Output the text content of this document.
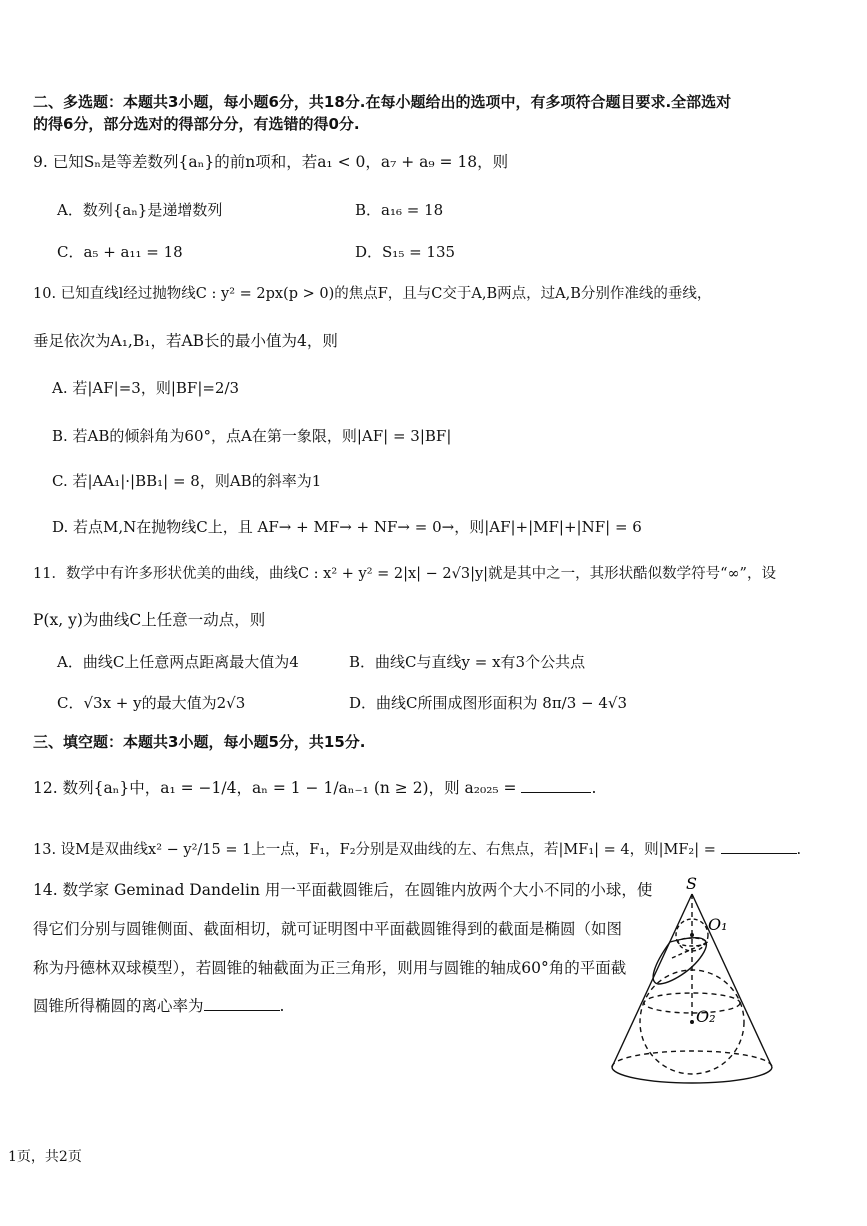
二、多选题：本题共3小题，每小题6分，共18分.在每小题给出的选项中，有多项符合题目要求.全部选对
的得6分，部分选对的得部分分，有选错的得0分.
9. 已知Sₙ是等差数列{aₙ}的前n项和，若a₁ < 0，a₇ + a₉ = 18，则
A．数列{aₙ}是递增数列	B．a₁₆ = 18
C．a₅ + a₁₁ = 18	D．S₁₅ = 135
10. 已知直线l经过抛物线C : y² = 2px(p > 0)的焦点F，且与C交于A,B两点，过A,B分别作准线的垂线，
垂足依次为A₁,B₁，若AB长的最小值为4，则
A. 若|AF|=3，则|BF|=2/3
B. 若AB的倾斜角为60°，点A在第一象限，则|AF| = 3|BF|
C. 若|AA₁|·|BB₁| = 8，则AB的斜率为1
D. 若点M,N在抛物线C上，且 AF→ + MF→ + NF→ = 0→，则|AF|+|MF|+|NF| = 6
11．数学中有许多形状优美的曲线，曲线C : x² + y² = 2|x| − 2√3|y|就是其中之一，其形状酷似数学符号“∞”，设
P(x, y)为曲线C上任意一动点，则
A．曲线C上任意两点距离最大值为4	B．曲线C与直线y = x有3个公共点
C．√3x + y的最大值为2√3	D．曲线C所围成图形面积为 8π/3 − 4√3
三、填空题：本题共3小题，每小题5分，共15分.
12. 数列{aₙ}中，a₁ = −1/4，aₙ = 1 − 1/aₙ₋₁ (n ≥ 2)，则 a₂₀₂₅ =	.
13. 设M是双曲线x² − y²/15 = 1上一点，F₁，F₂分别是双曲线的左、右焦点，若|MF₁| = 4，则|MF₂| =	.
14. 数学家 Geminad Dandelin 用一平面截圆锥后，在圆锥内放两个大小不同的小球，使
得它们分别与圆锥侧面、截面相切，就可证明图中平面截圆锥得到的截面是椭圆（如图
称为丹德林双球模型），若圆锥的轴截面为正三角形，则用与圆锥的轴成60°角的平面截
圆锥所得椭圆的离心率为	.
S
O₁
O₂
1页，共2页
